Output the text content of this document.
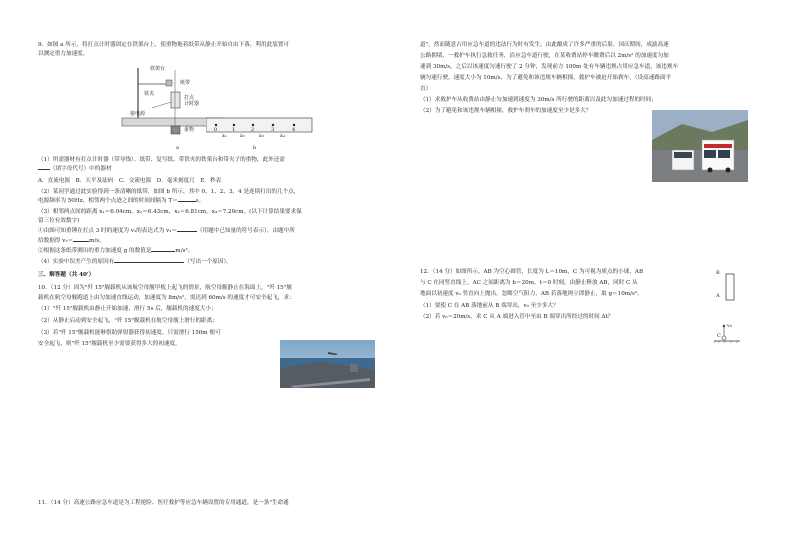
9．如图 a 所示，将打点计时器固定在铁架台上，使重物拖着纸带从静止开始自由下落，利用此装置可
以测定重力加速度。
铁架台
纸带
铁夹
打点
计时器
接电源
重物
a
0	1	2	3	4
x₁	x₂	x₃	x₄
b
（1）所需器材有打点计时器（带导线）、纸带、复写纸、带铁夹的铁架台和带夹子的重物，此外还需
（填字母代号）中的器材
A．直流电源　B．天平及砝码　C．交流电源　D．毫米刻度尺　E．秒表
（2）某同学通过此实验得到一条清晰的纸带，如图 b 所示，其中 0、1、2、3、4 是连续打出的几个点，
电源频率为 50Hz，相邻两个点迹之间的时间间隔为 T＝	s。
（3）相邻两点间的距离 x₁＝6.04cm，x₂＝6.43cm，x₃＝6.81cm，x₄＝7.20cm。(以下计算结果要求保
留三位有效数字)
①由图可知重锤在打点 3 时的速度为 v₃的表达式为 v₃＝	（用题中已知量的符号表示），由题中所
给数据得 v₃＝	m/s。
②根据这条纸带测出的重力加速度 g 的数值是	m/s²。
（4）实验中误差产生的原因有	（写出一个原因）。
三、解答题（共 40'）
10．（12 分）因为"歼 15"舰载机从该航空母舰甲板上起飞的情景，航空母舰静止在海面上，"歼 15"舰
载机在航空母舰跑道上由匀加速直线运动，加速度为 8m/s²，需达到 60m/s 的速度才可安全起飞，求：
（1）"歼 15"舰载机由静止开始加速，滑行 5s 后，舰载机的速度大小；
（2）从静止启动到安全起飞，"歼 15"舰载机在航空母舰上滑行的距离；
（3）若"歼 15"舰载机能够借助弹射器获得初速度，只需滑行 150m 便可
安全起飞，则"歼 15"舰载机至少需要获得多大的初速度。
11．（14 分）高速公路应急车道是为工程抢险、医疗救护等应急车辆设置的专用通道，是一条"生命通
道"，然而随意占用应急车道的违法行为时有发生，由此酿成了许多严重的后果。国庆期间，成渝高速
公路拥堵，一救护车执行急救任务，沿应急车道行驶，在某收费站停车缴费后以 2m/s² 的加速度匀加
速到 30m/s，之后以该速度匀速行驶了 2 分钟，发现前方 100m 处有车辆违规占用应急车道，该违规车
辆匀速行驶，速度大小为 10m/s，为了避免和该违规车辆相撞，救护车被迫开始刹车，（设高速路面平
直）
（1）求救护车从收费站由静止匀加速到速度为 30m/s 所行驶的距离以及此匀加速过程的时间；
（2）为了避免和该违规车辆相撞，救护车刹车的加速度至少是多大？
12．（14 分）如图所示，AB 为空心圆管，长度为 L＝10m，C 为可视为质点的小球，AB
与 C 在同竖直线上，AC 之间距离为 h＝20m。t＝0 时刻，由静止释放 AB，同时 C 从
地面以初速度 v₀ 竖直向上抛出。忽略空气阻力，AB 若落地则立即静止，取 g＝10m/s²。
（1）要使 C 在 AB 落地前从 B 端穿出，v₀ 至少多大？
（2）若 v₀＝20m/s，求 C 从 A 端进入管中至由 B 端穿出所经过的时间 Δt？
B
A
v₀
C
